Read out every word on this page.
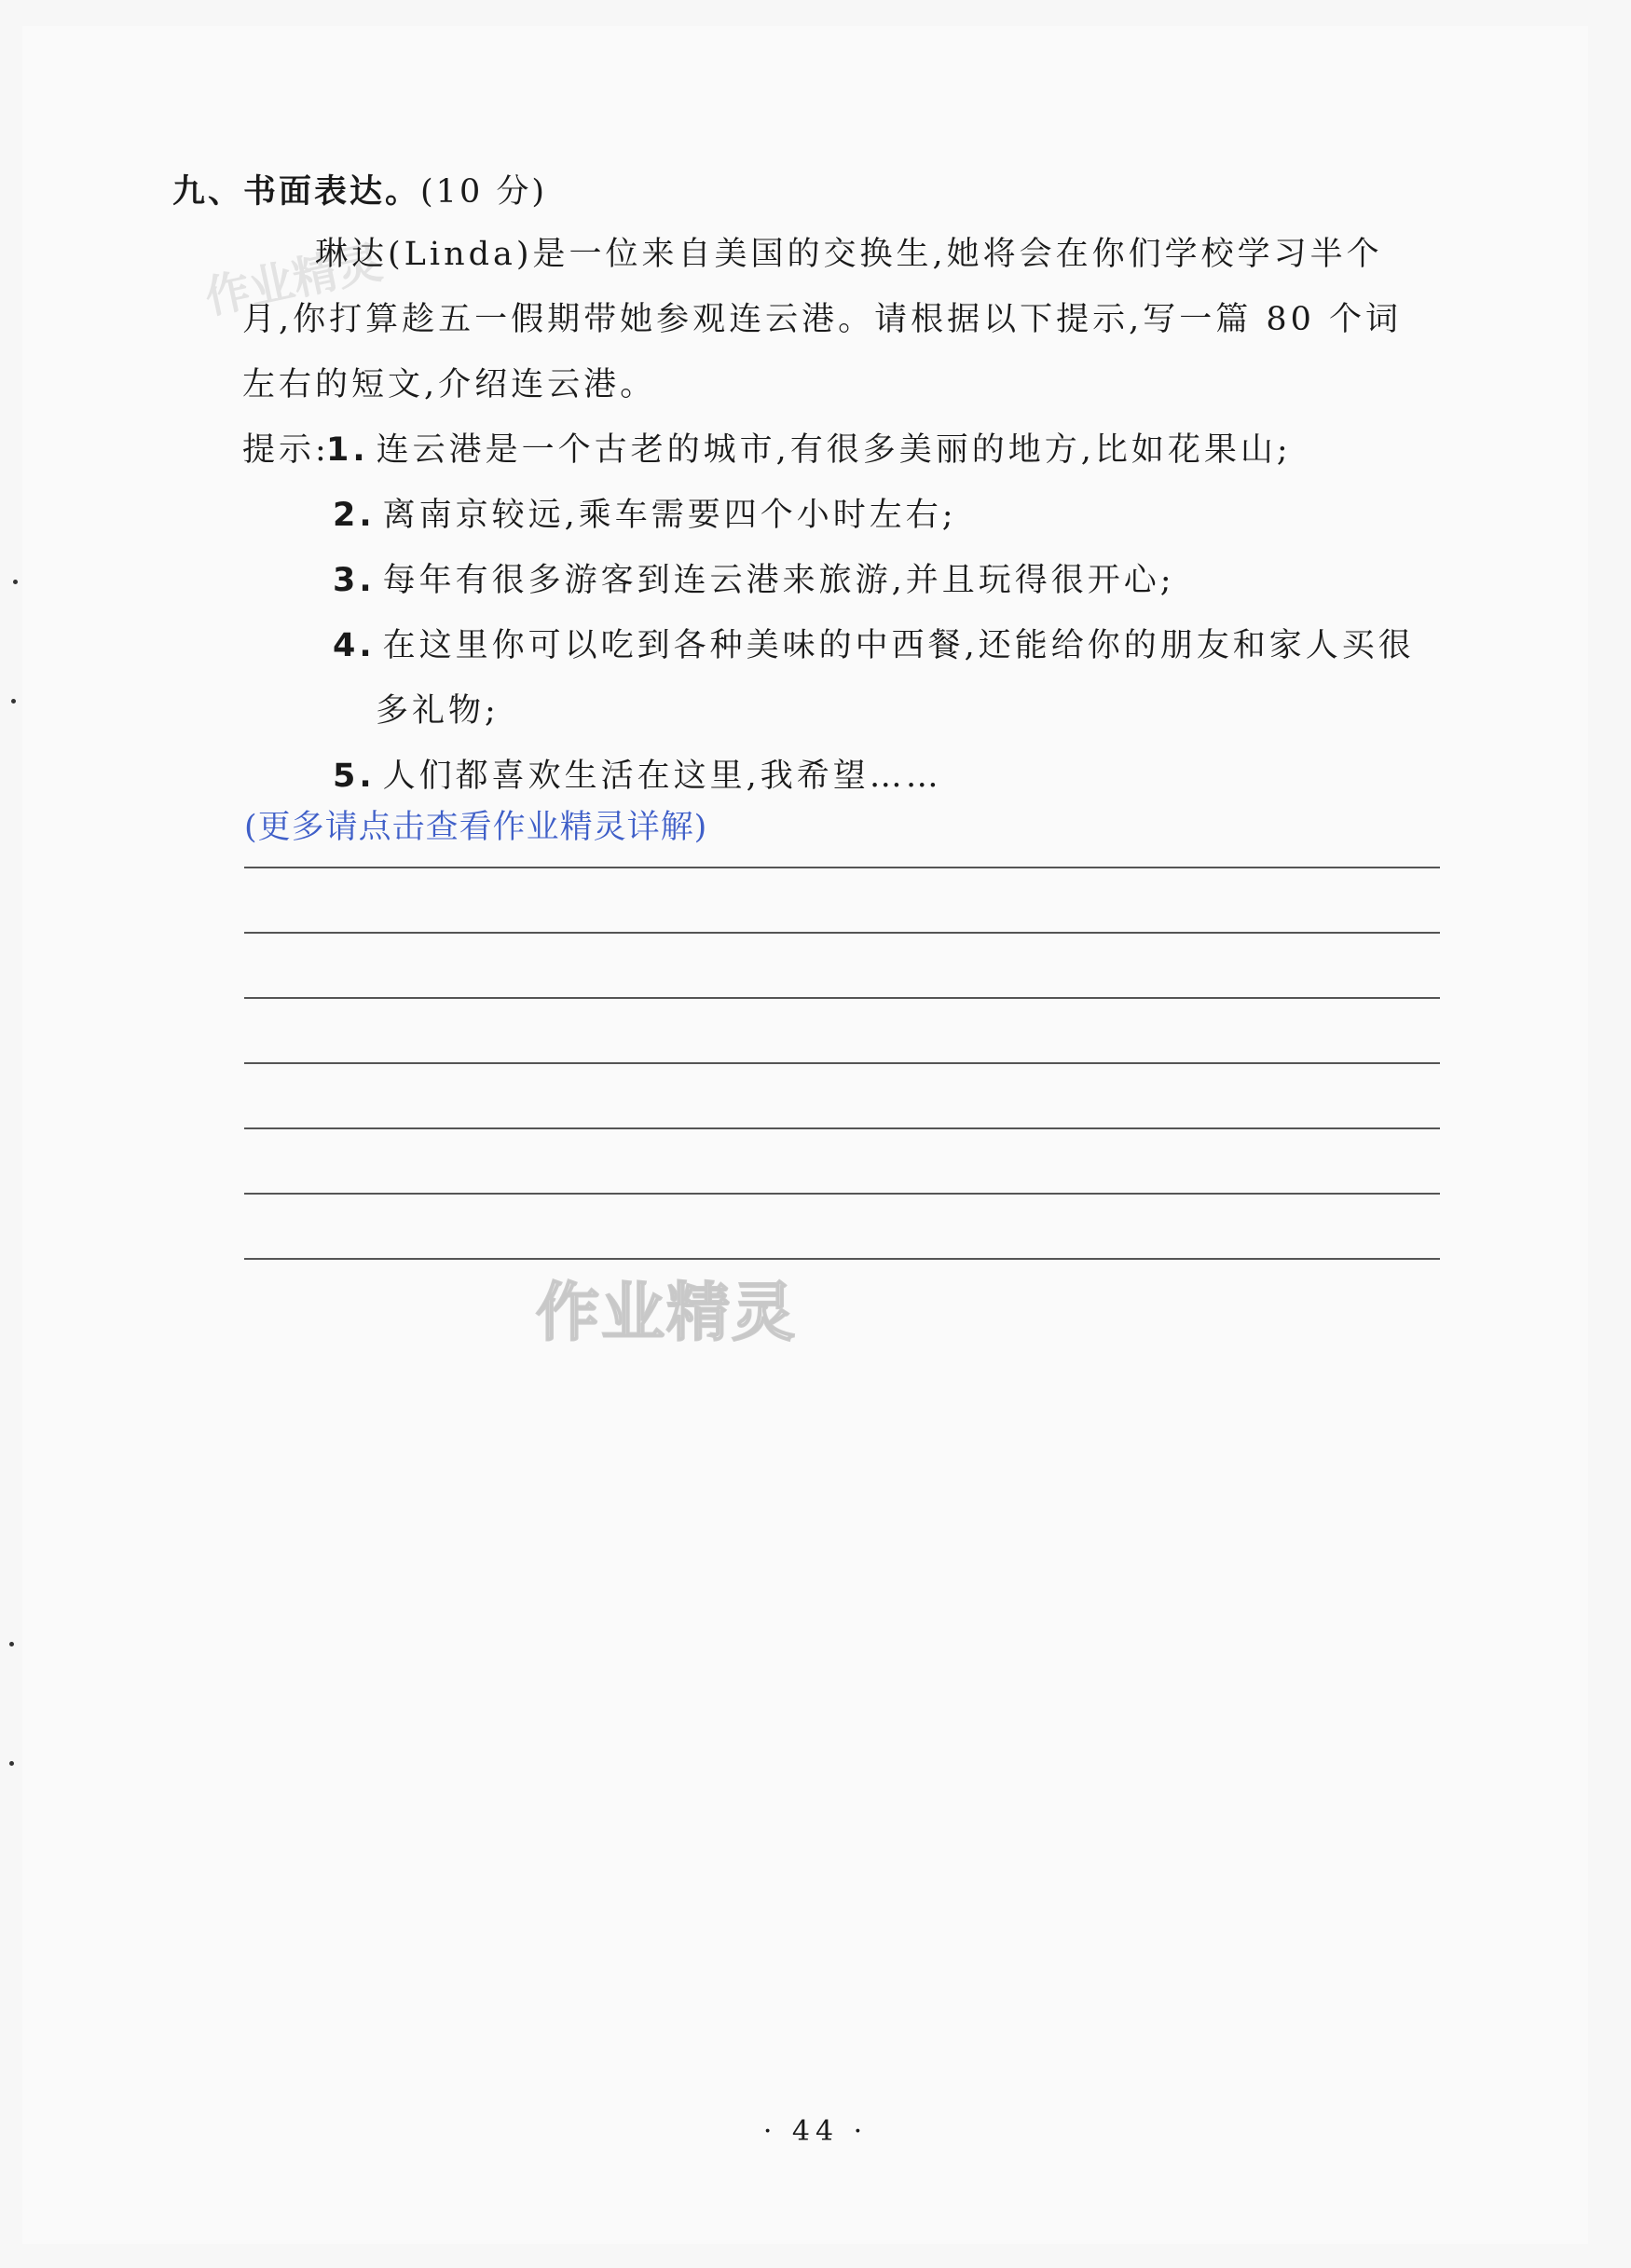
作业精灵
九、书面表达。(10 分)
琳达(Linda)是一位来自美国的交换生,她将会在你们学校学习半个
月,你打算趁五一假期带她参观连云港。请根据以下提示,写一篇 80 个词
左右的短文,介绍连云港。
提示:
1. 连云港是一个古老的城市,有很多美丽的地方,比如花果山;
2. 离南京较远,乘车需要四个小时左右;
3. 每年有很多游客到连云港来旅游,并且玩得很开心;
4. 在这里你可以吃到各种美味的中西餐,还能给你的朋友和家人买很
多礼物;
5. 人们都喜欢生活在这里,我希望……
(更多请点击查看作业精灵详解)
作业精灵
· 44 ·
